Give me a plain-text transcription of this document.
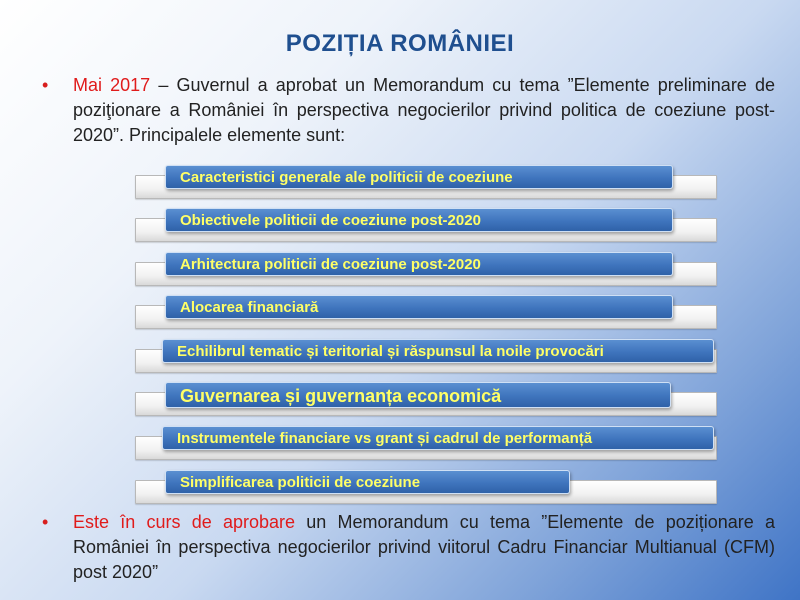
POZIȚIA ROMÂNIEI
•	Mai 2017 – Guvernul a aprobat un Memorandum cu tema ”Elemente preliminare de poziţionare a României în perspectiva negocierilor privind politica de coeziune post-2020”. Principalele elemente sunt:
Caracteristici generale ale politicii de coeziune
Obiectivele politicii de coeziune post-2020
Arhitectura politicii de coeziune post-2020
Alocarea financiară
Echilibrul tematic și teritorial și răspunsul la noile provocări
Guvernarea și guvernanța economică
Instrumentele financiare vs grant și cadrul de performanță
Simplificarea politicii de coeziune
•	Este în curs de aprobare un Memorandum cu tema ”Elemente de poziționare a României în perspectiva negocierilor privind viitorul Cadru Financiar Multianual (CFM) post 2020”
